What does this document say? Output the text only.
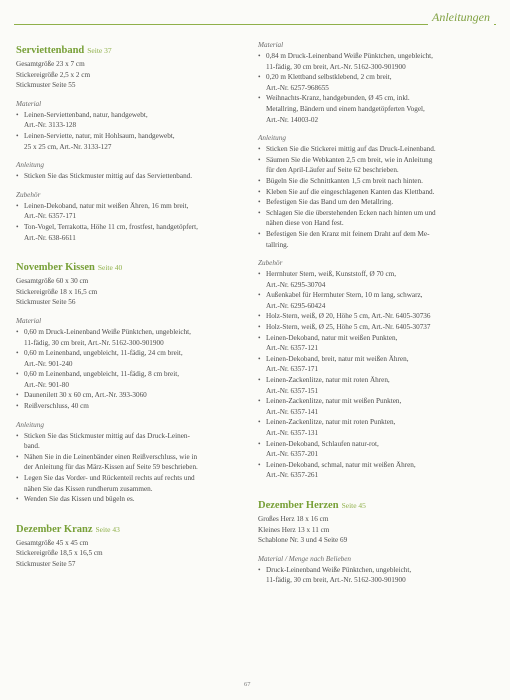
Anleitungen
Serviettenband Seite 37
Gesamtgröße 23 x 7 cm
Stickereigröße 2,5 x 2 cm
Stickmuster Seite 55
Material
• Leinen-Serviettenband, natur, handgewebt,
Art.-Nr. 3133-128
• Leinen-Serviette, natur, mit Hohlsaum, handgewebt,
25 x 25 cm, Art.-Nr. 3133-127
Anleitung
• Sticken Sie das Stickmuster mittig auf das Serviettenband.
Zubehör
• Leinen-Dekoband, natur mit weißen Ähren, 16 mm breit,
Art.-Nr. 6357-171
• Ton-Vogel, Terrakotta, Höhe 11 cm, frostfest, handgetöpfert,
Art.-Nr. 638-6611
November Kissen Seite 40
Gesamtgröße 60 x 30 cm
Stickereigröße 18 x 16,5 cm
Stickmuster Seite 56
Material
• 0,60 m Druck-Leinenband Weiße Pünktchen, ungebleicht,
11-fädig, 30 cm breit, Art.-Nr. 5162-300-901900
• 0,60 m Leinenband, ungebleicht, 11-fädig, 24 cm breit,
Art.-Nr. 901-240
• 0,60 m Leinenband, ungebleicht, 11-fädig, 8 cm breit,
Art.-Nr. 901-80
• Daunenilett 30 x 60 cm, Art.-Nr. 393-3060
• Reißverschluss, 40 cm
Anleitung
• Sticken Sie das Stickmuster mittig auf das Druck-Leinen-
band.
• Nähen Sie in die Leinenbänder einen Reißverschluss, wie in
der Anleitung für das März-Kissen auf Seite 59 beschrieben.
• Legen Sie das Vorder- und Rückenteil rechts auf rechts und
nähen Sie das Kissen rundherum zusammen.
• Wenden Sie das Kissen und bügeln es.
Dezember Kranz Seite 43
Gesamtgröße 45 x 45 cm
Stickereigröße 18,5 x 16,5 cm
Stickmuster Seite 57
Material
• 0,84 m Druck-Leinenband Weiße Pünktchen, ungebleicht,
11-fädig, 30 cm breit, Art.-Nr. 5162-300-901900
• 0,20 m Klettband selbstklebend, 2 cm breit,
Art.-Nr. 6257-968655
• Weihnachts-Kranz, handgebunden, Ø 45 cm, inkl.
Metallring, Bändern und einem handgetöpferten Vogel,
Art.-Nr. 14003-02
Anleitung
• Sticken Sie die Stickerei mittig auf das Druck-Leinenband.
• Säumen Sie die Webkanten 2,5 cm breit, wie in Anleitung
für den April-Läufer auf Seite 62 beschrieben.
• Bügeln Sie die Schnittkanten 1,5 cm breit nach hinten.
• Kleben Sie auf die eingeschlagenen Kanten das Klettband.
• Befestigen Sie das Band um den Metallring.
• Schlagen Sie die überstehenden Ecken nach hinten um und
nähen diese von Hand fest.
• Befestigen Sie den Kranz mit feinem Draht auf dem Me-
tallring.
Zubehör
• Herrnhuter Stern, weiß, Kunststoff, Ø 70 cm,
Art.-Nr. 6295-30704
• Außenkabel für Herrnhuter Stern, 10 m lang, schwarz,
Art.-Nr. 6295-60424
• Holz-Stern, weiß, Ø 20, Höhe 5 cm, Art.-Nr. 6405-30736
• Holz-Stern, weiß, Ø 25, Höhe 5 cm, Art.-Nr. 6405-30737
• Leinen-Dekoband, natur mit weißen Punkten,
Art.-Nr. 6357-121
• Leinen-Dekoband, breit, natur mit weißen Ähren,
Art.-Nr. 6357-171
• Leinen-Zackenlitze, natur mit roten Ähren,
Art.-Nr. 6357-151
• Leinen-Zackenlitze, natur mit weißen Punkten,
Art.-Nr. 6357-141
• Leinen-Zackenlitze, natur mit roten Punkten,
Art.-Nr. 6357-131
• Leinen-Dekoband, Schlaufen natur-rot,
Art.-Nr. 6357-201
• Leinen-Dekoband, schmal, natur mit weißen Ähren,
Art.-Nr. 6357-261
Dezember Herzen Seite 45
Großes Herz 18 x 16 cm
Kleines Herz 13 x 11 cm
Schablone Nr. 3 und 4 Seite 69
Material / Menge nach Belieben
• Druck-Leinenband Weiße Pünktchen, ungebleicht,
11-fädig, 30 cm breit, Art.-Nr. 5162-300-901900
67
